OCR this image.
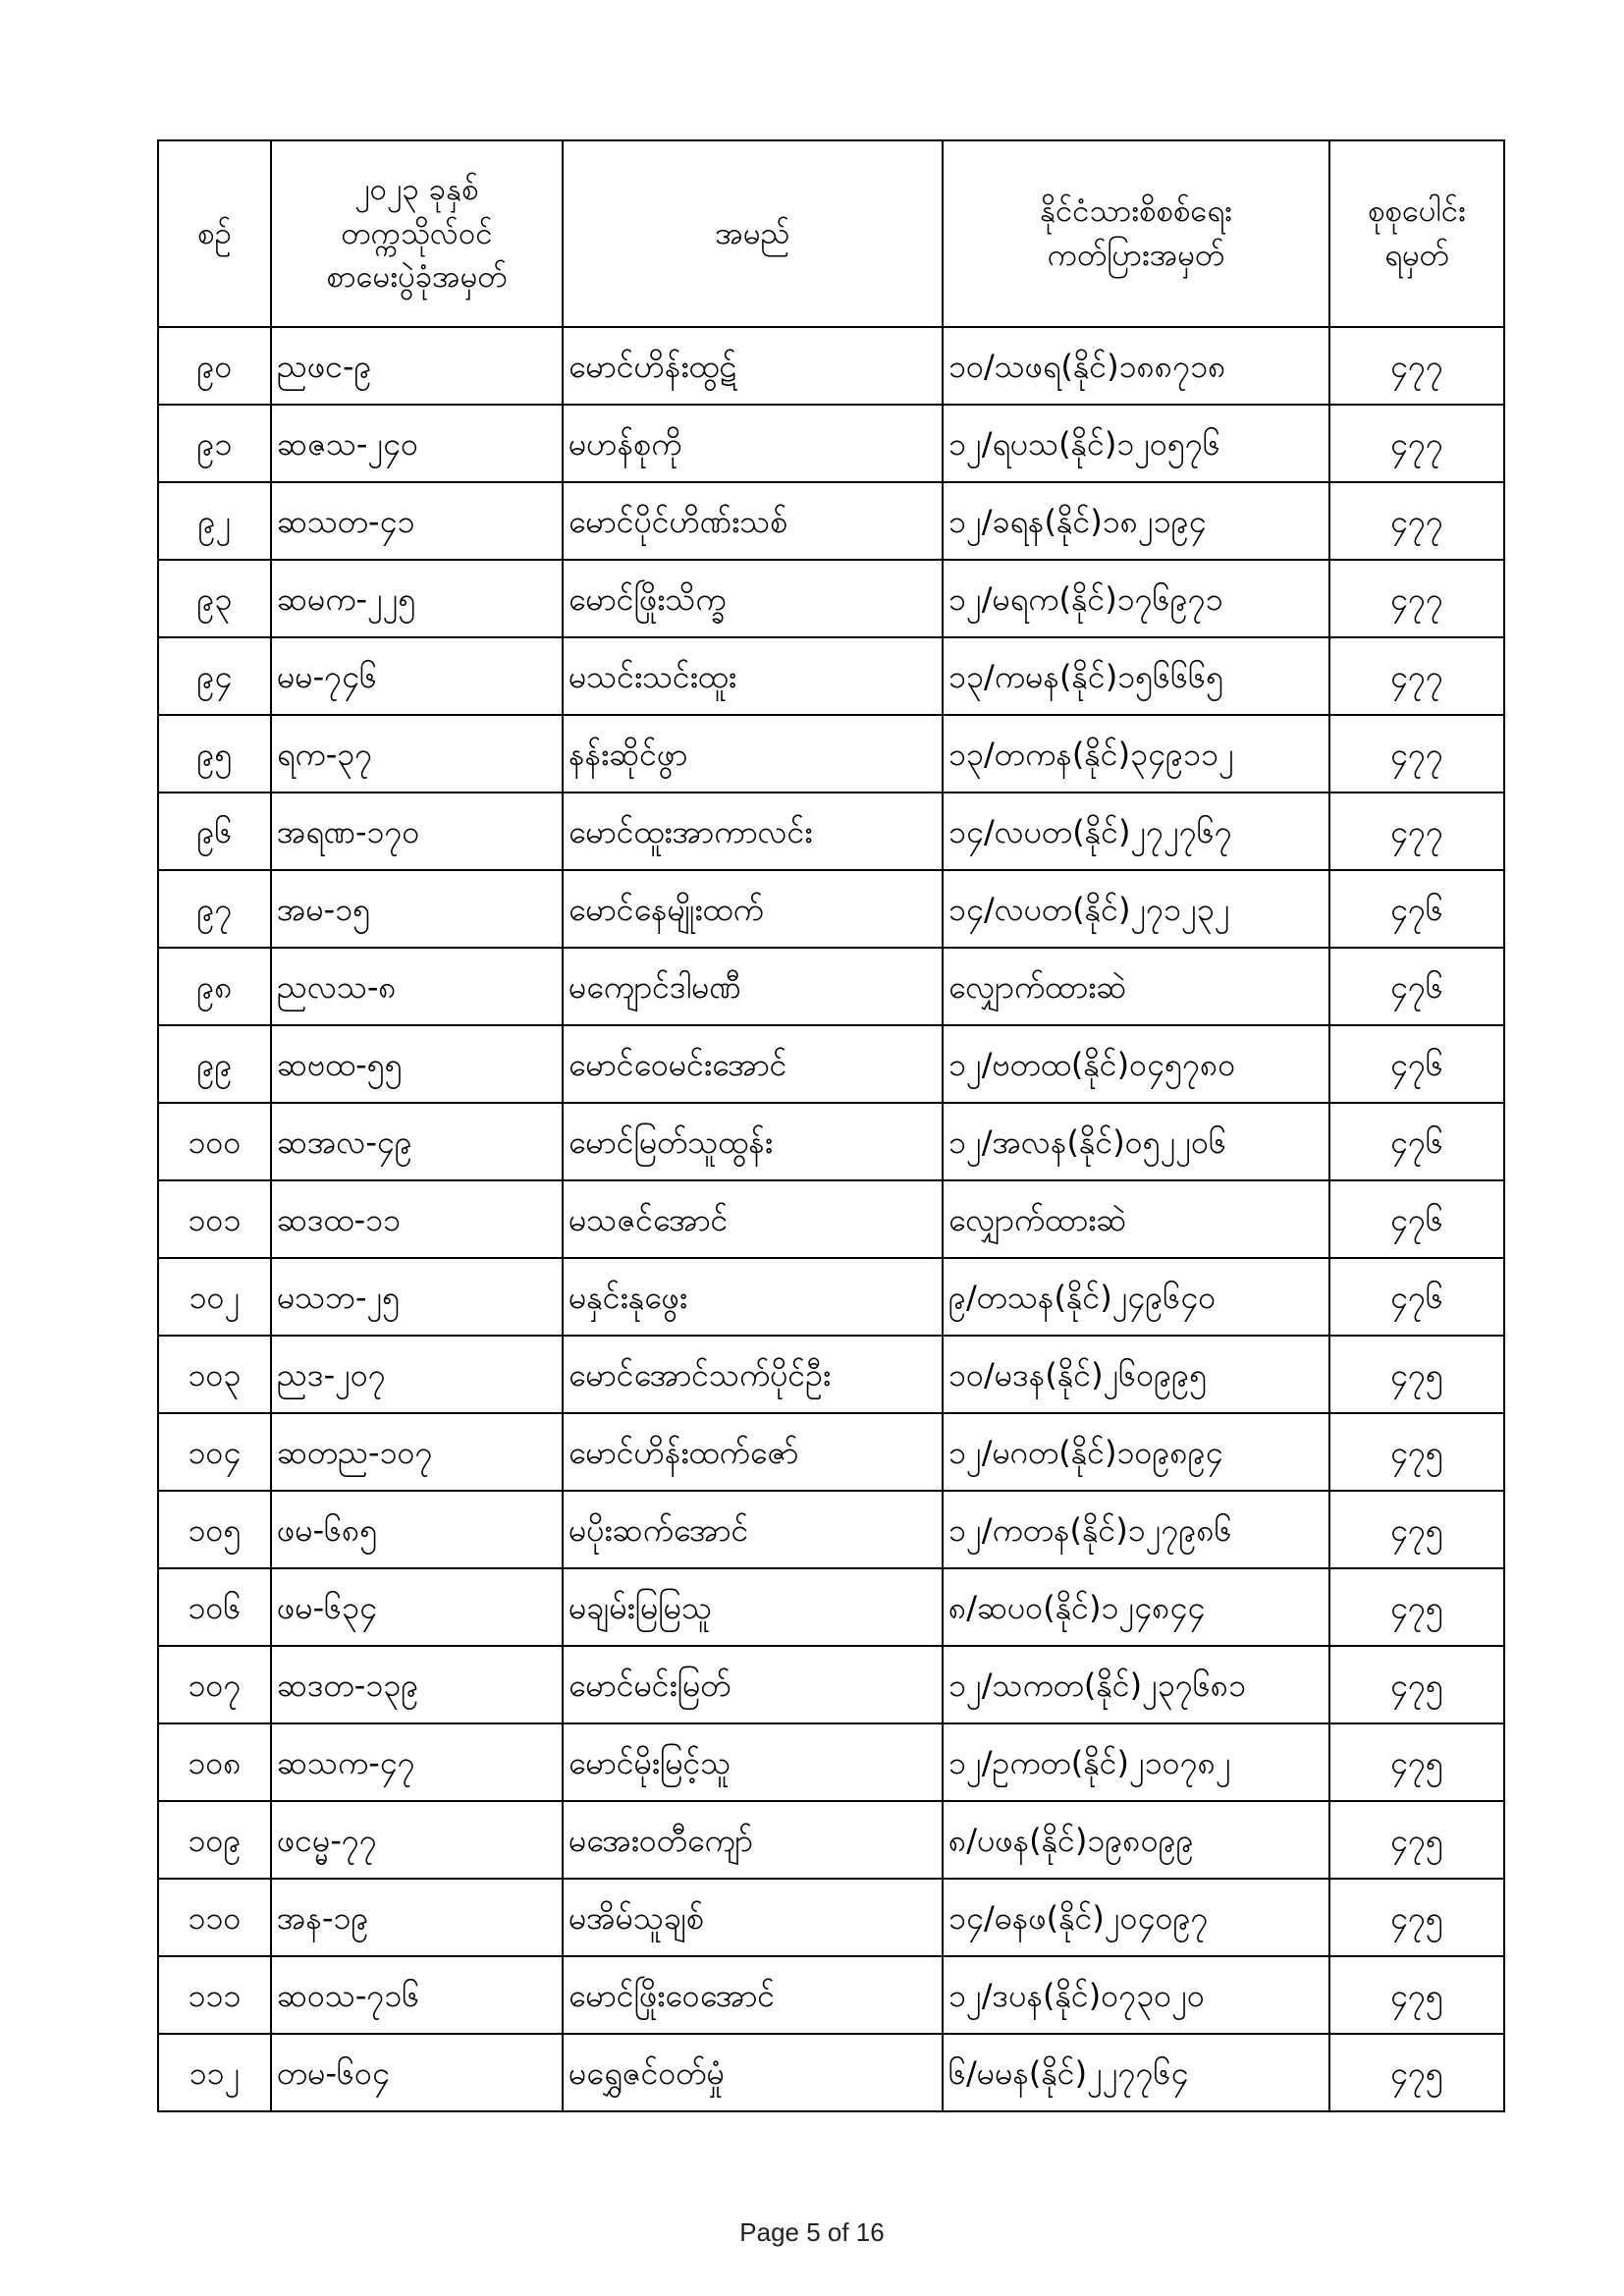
စဉ်	၂၀၂၃ ခုနှစ်
တက္ကသိုလ်ဝင်
စာမေးပွဲခုံအမှတ်	အမည်	နိုင်ငံသားစိစစ်ရေး
ကတ်ပြားအမှတ်	စုစုပေါင်း
ရမှတ်

၉၀	ညဖင-၉	မောင်ဟိန်းထွဋ်	၁၀/သဖရ(နိုင်)၁၈၈၇၁၈	၄၇၇
၉၁	ဆဇသ-၂၄၀	မဟန်စုကို	၁၂/ရပသ(နိုင်)၁၂၀၅၇၆	၄၇၇
၉၂	ဆသတ-၄၁	မောင်ပိုင်ဟိဏ်းသစ်	၁၂/ခရန(နိုင်)၁၈၂၁၉၄	၄၇၇
၉၃	ဆမက-၂၂၅	မောင်ဖြိုးသိက္ခ	၁၂/မရက(နိုင်)၁၇၆၉၇၁	၄၇၇
၉၄	မမ-၇၄၆	မသင်းသင်းထူး	၁၃/ကမန(နိုင်)၁၅၆၆၆၅	၄၇၇
၉၅	ရက-၃၇	နန်းဆိုင်ဖွာ	၁၃/တကန(နိုင်)၃၄၉၁၁၂	၄၇၇
၉၆	အရဏ-၁၇၀	မောင်ထူးအာကာလင်း	၁၄/လပတ(နိုင်)၂၇၂၇၆၇	၄၇၇
၉၇	အမ-၁၅	မောင်နေမျိုးထက်	၁၄/လပတ(နိုင်)၂၇၁၂၃၂	၄၇၆
၉၈	ညလသ-၈	မကျောင်ဒါမဏီ	လျှောက်ထားဆဲ	၄၇၆
၉၉	ဆဗထ-၅၅	မောင်ဝေမင်းအောင်	၁၂/ဗတထ(နိုင်)၀၄၅၇၈၀	၄၇၆
၁၀၀	ဆအလ-၄၉	မောင်မြတ်သူထွန်း	၁၂/အလန(နိုင်)၀၅၂၂၀၆	၄၇၆
၁၀၁	ဆဒထ-၁၁	မသဇင်အောင်	လျှောက်ထားဆဲ	၄၇၆
၁၀၂	မသဘ-၂၅	မနှင်းနုဖွေး	၉/တသန(နိုင်)၂၄၉၆၄၀	၄၇၆
၁၀၃	ညဒ-၂၀၇	မောင်အောင်သက်ပိုင်ဦး	၁၀/မဒန(နိုင်)၂၆၀၉၉၅	၄၇၅
၁၀၄	ဆတည-၁၀၇	မောင်ဟိန်းထက်ဇော်	၁၂/မဂတ(နိုင်)၁၀၉၈၉၄	၄၇၅
၁၀၅	ဖမ-၆၈၅	မပိုးဆက်အောင်	၁၂/ကတန(နိုင်)၁၂၇၉၈၆	၄၇၅
၁၀၆	ဖမ-၆၃၄	မချမ်းမြမြသူ	၈/ဆပဝ(နိုင်)၁၂၄၈၄၄	၄၇၅
၁၀၇	ဆဒတ-၁၃၉	မောင်မင်းမြတ်	၁၂/သကတ(နိုင်)၂၃၇၆၈၁	၄၇၅
၁၀၈	ဆသက-၄၇	မောင်မိုးမြင့်သူ	၁၂/ဥကတ(နိုင်)၂၁၀၇၈၂	၄၇၅
၁၀၉	ဖငမ္မ-၇၇	မအေးဝတီကျော်	၈/ပဖန(နိုင်)၁၉၈၀၉၉	၄၇၅
၁၁၀	အန-၁၉	မအိမ်သူချစ်	၁၄/ဓနဖ(နိုင်)၂၀၄၀၉၇	၄၇၅
၁၁၁	ဆဝသ-၇၁၆	မောင်ဖြိုးဝေအောင်	၁၂/ဒပန(နိုင်)၀၇၃၀၂၀	၄၇၅
၁၁၂	တမ-၆၀၄	မရွှေဇင်ဝတ်မှုံ	၆/မမန(နိုင်)၂၂၇၇၆၄	၄၇၅
Page 5 of 16
